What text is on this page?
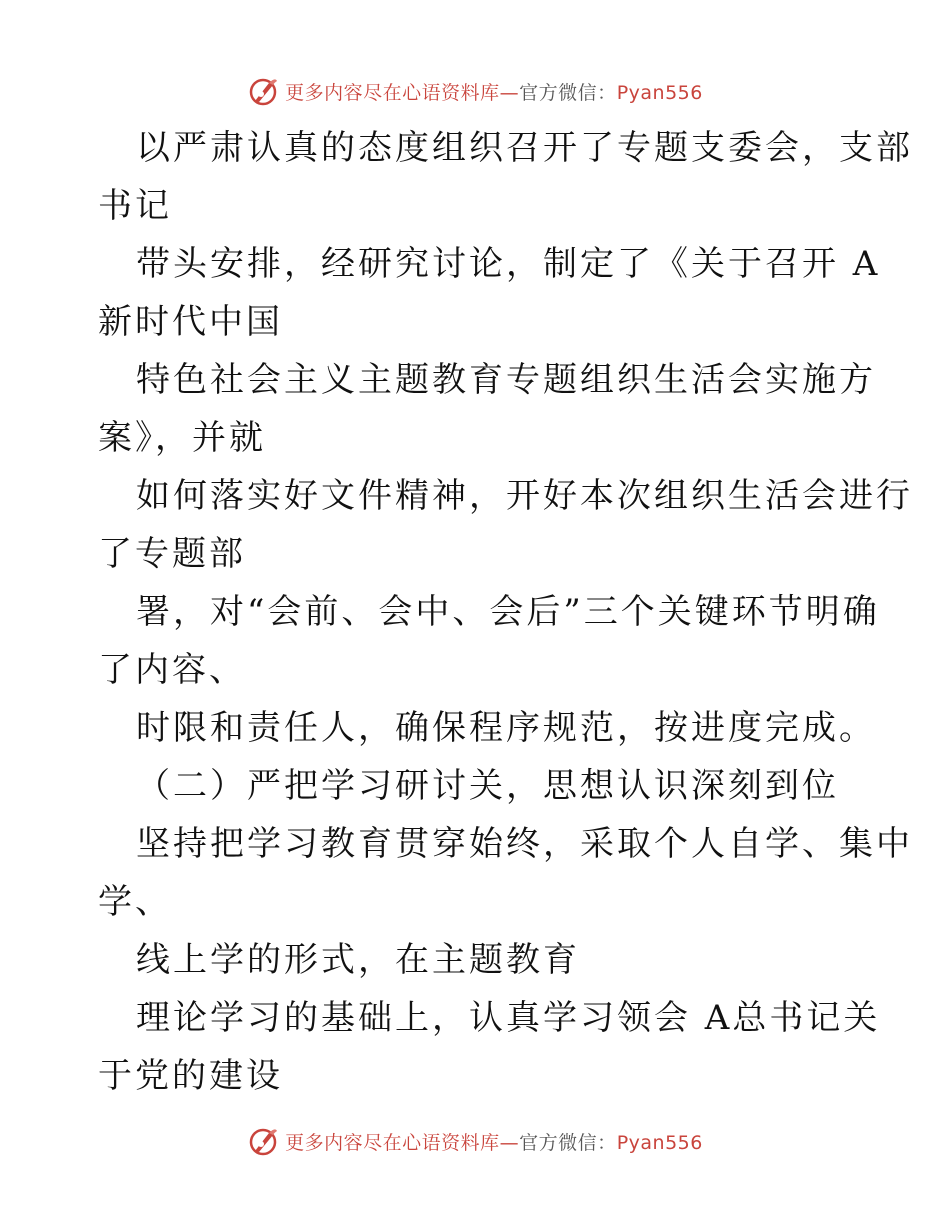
更多内容尽在心语资料库—官方微信：Pyan556
以严肃认真的态度组织召开了专题支委会，支部
书记
带头安排，经研究讨论，制定了《关于召开 A
新时代中国
特色社会主义主题教育专题组织生活会实施方
案》，并就
如何落实好文件精神，开好本次组织生活会进行
了专题部
署，对“会前、会中、会后”三个关键环节明确
了内容、
时限和责任人，确保程序规范，按进度完成。
（二）严把学习研讨关，思想认识深刻到位
坚持把学习教育贯穿始终，采取个人自学、集中
学、
线上学的形式，在主题教育
理论学习的基础上，认真学习领会 A总书记关
于党的建设
更多内容尽在心语资料库—官方微信：Pyan556
